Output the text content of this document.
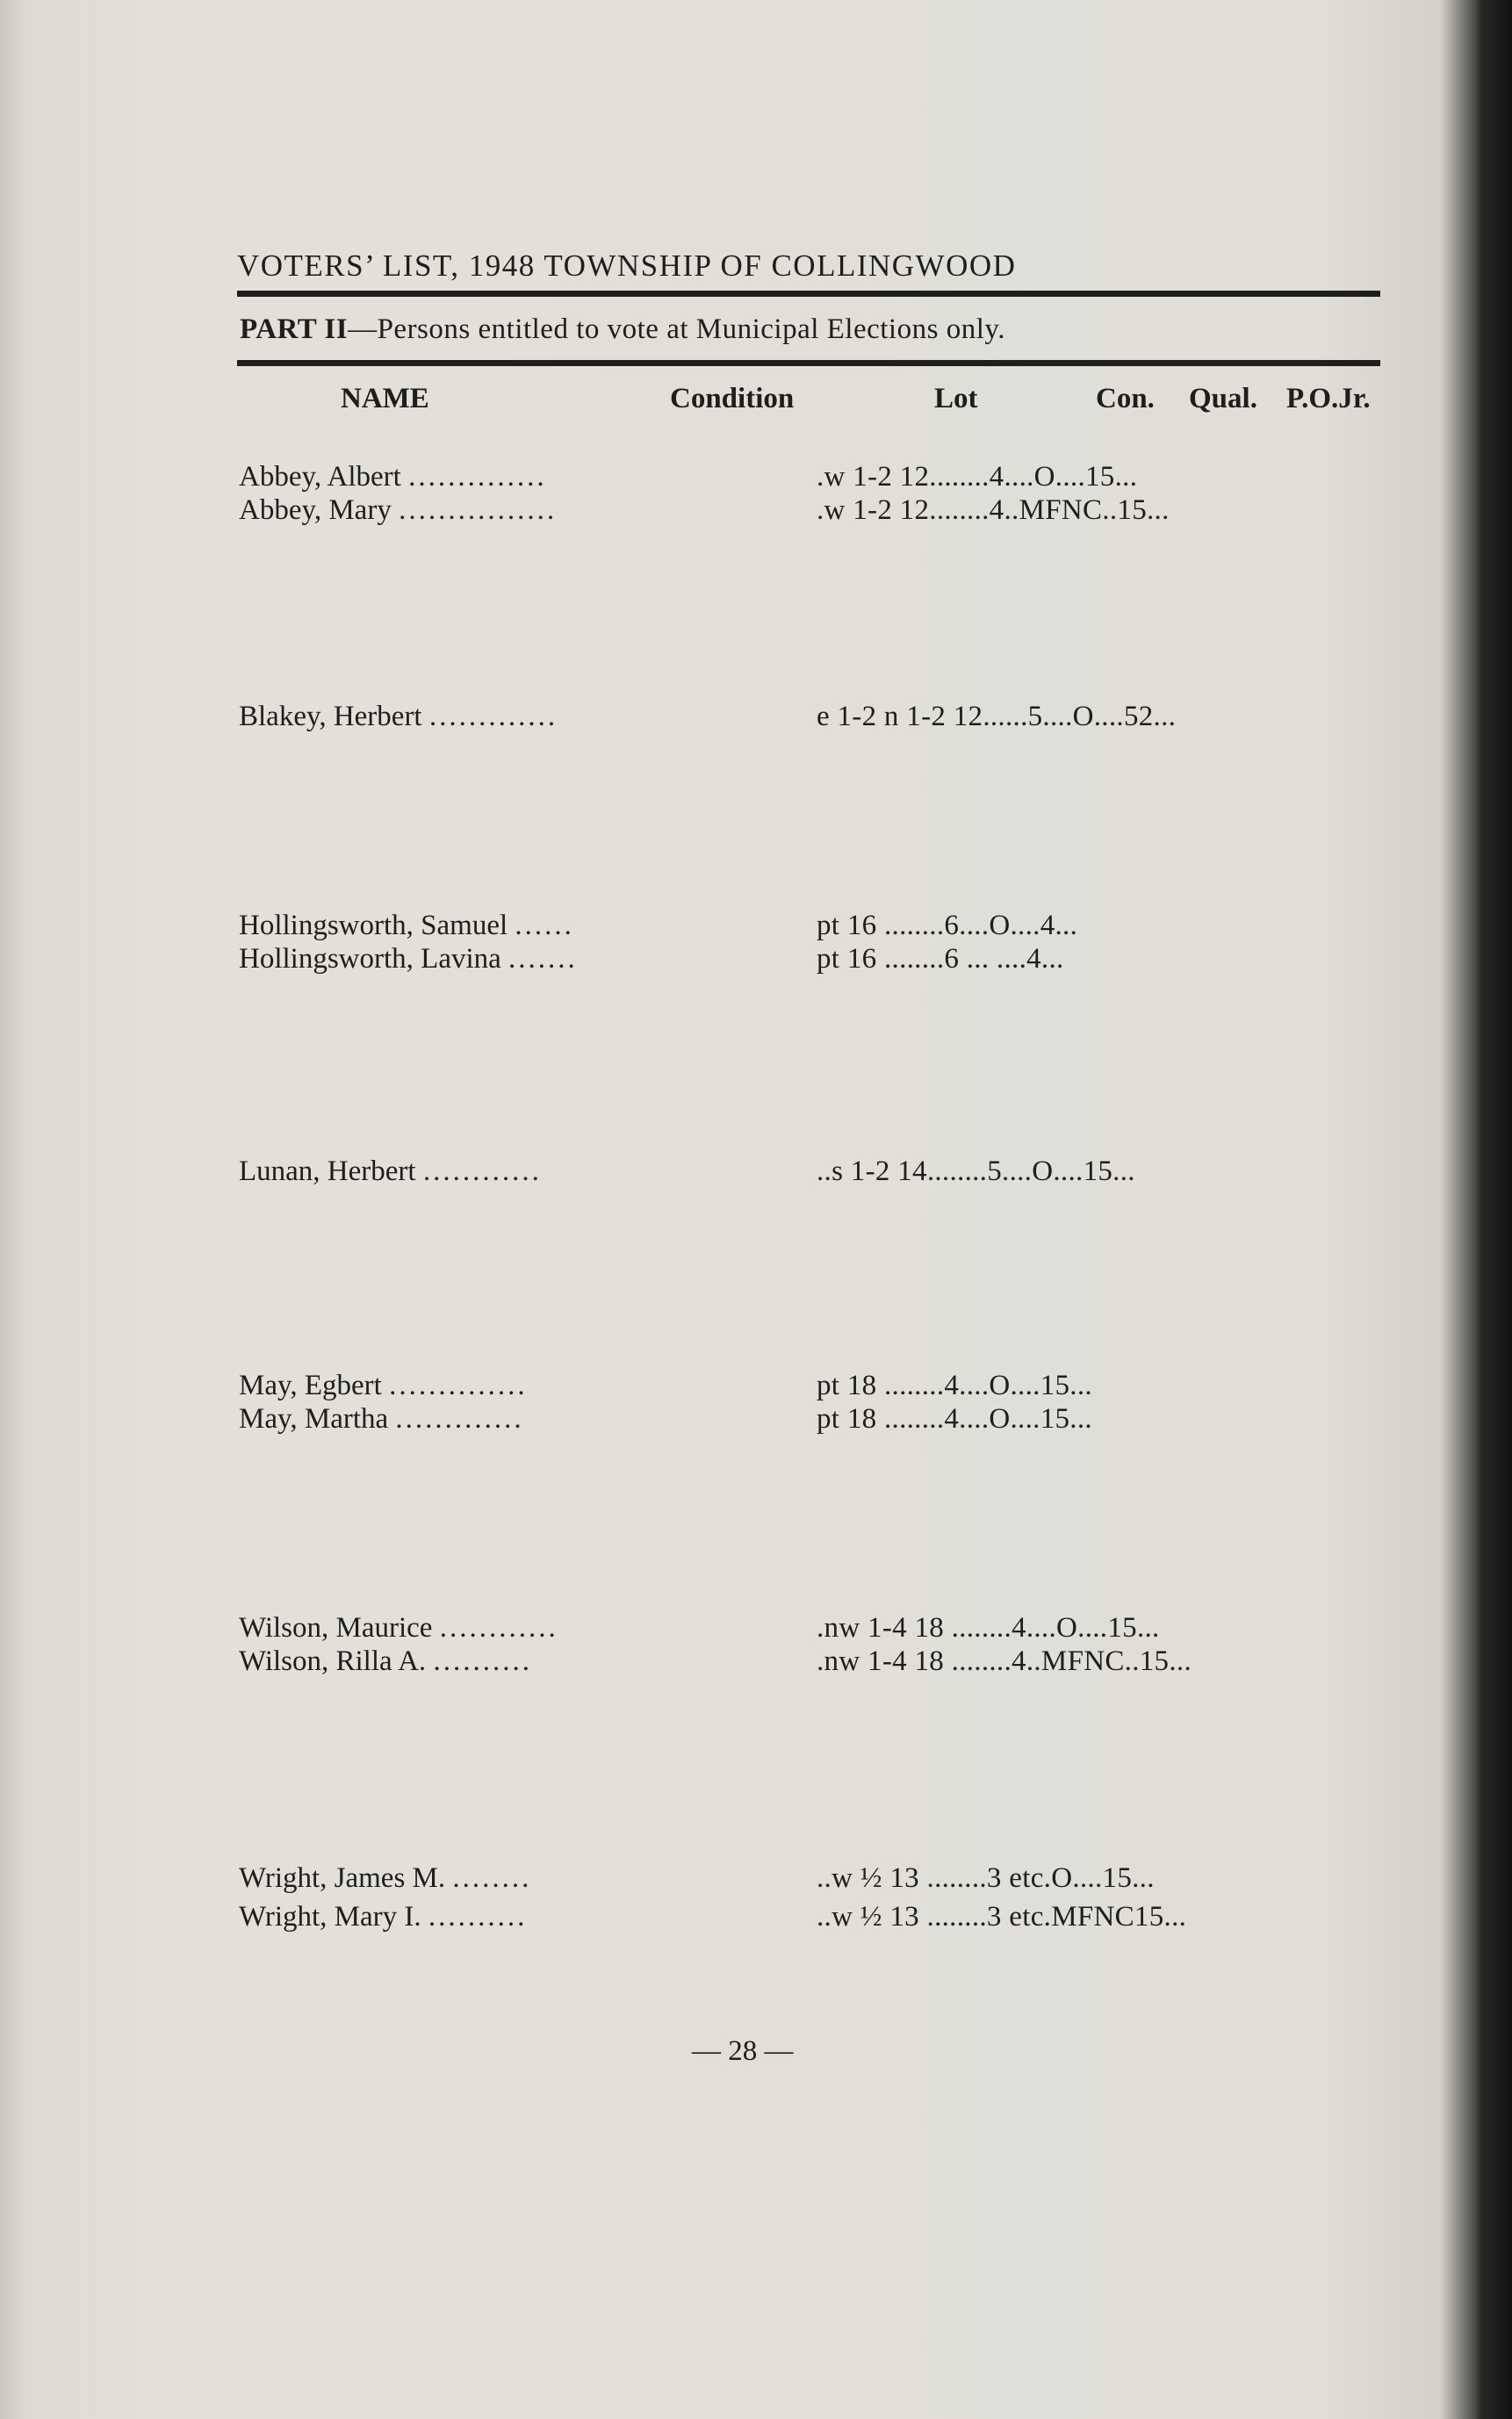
VOTERS’ LIST, 1948 TOWNSHIP OF COLLINGWOOD
PART II—Persons entitled to vote at Municipal Elections only.
NAME	Condition	Lot	Con. Qual. P.O.Jr.
Abbey, Albert ..............	.w 1-2 12........4....O....15...
Abbey, Mary ................	.w 1-2 12........4..MFNC..15...
Blakey, Herbert .............	e 1-2 n 1-2 12......5....O....52...
Hollingsworth, Samuel ......	pt 16 ........6....O....4...
Hollingsworth, Lavina .......	pt 16 ........6 ... ....4...
Lunan, Herbert ............	..s 1-2 14........5....O....15...
May, Egbert ..............	pt 18 ........4....O....15...
May, Martha .............	pt 18 ........4....O....15...
Wilson, Maurice ............	.nw 1-4 18 ........4....O....15...
Wilson, Rilla A. ..........	.nw 1-4 18 ........4..MFNC..15...
Wright, James M. ........	..w ½ 13 ........3 etc.O....15...
Wright, Mary I. ..........	..w ½ 13 ........3 etc.MFNC15...
— 28 —
